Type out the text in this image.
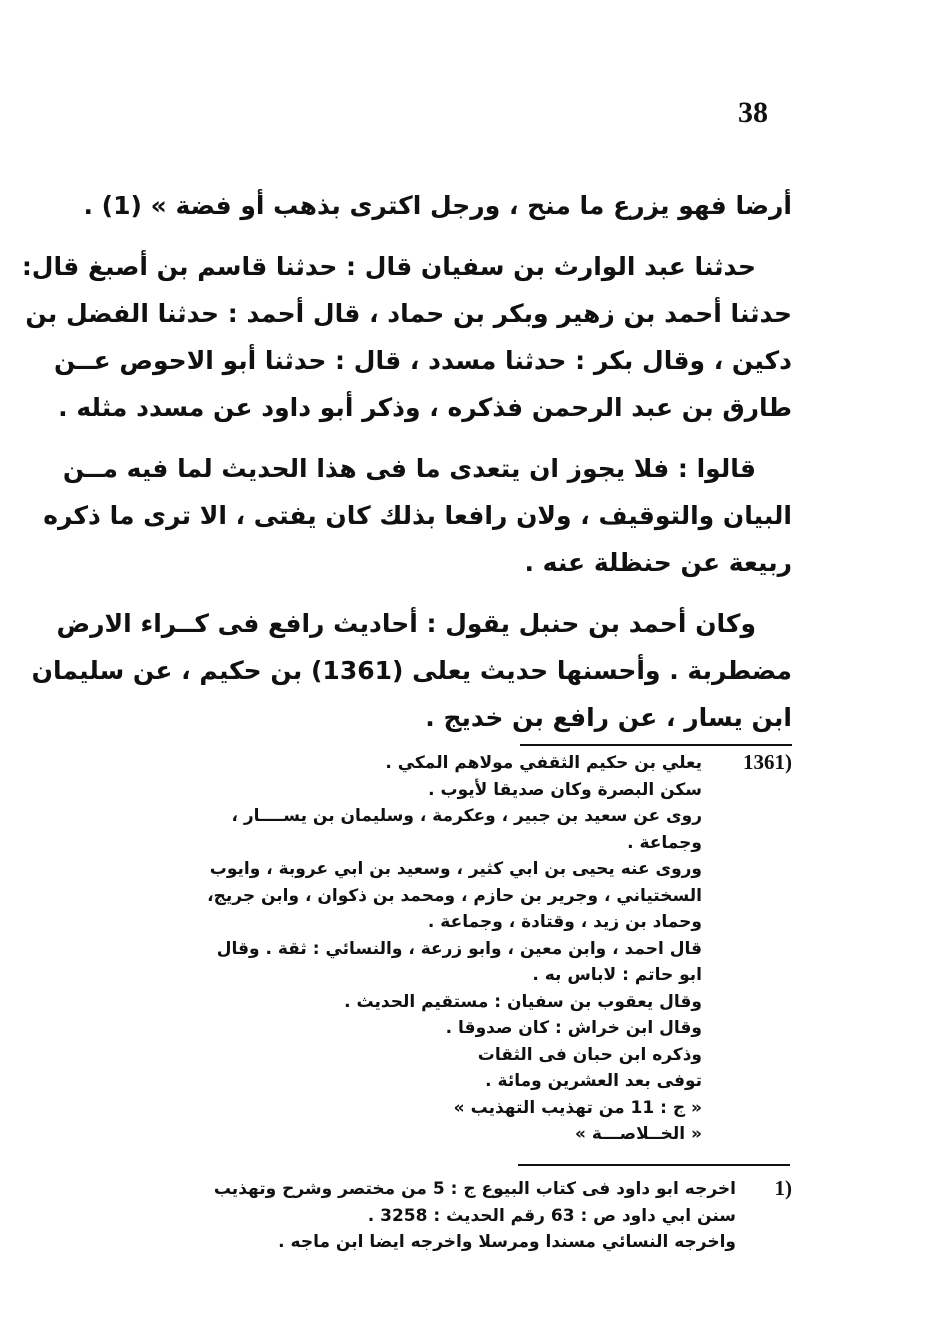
38
أرضا فهو يزرع ما منح ، ورجل اكترى بذهب أو فضة » (1) .
حدثنا عبد الوارث بن سفيان قال : حدثنا قاسم بن أصبغ قال:
حدثنا أحمد بن زهير وبكر بن حماد ، قال أحمد : حدثنا الفضل بن
دكين ، وقال بكر : حدثنا مسدد ، قال : حدثنا أبو الاحوص عــن
طارق بن عبد الرحمن فذكره ، وذكر أبو داود عن مسدد مثله .
قالوا : فلا يجوز ان يتعدى ما فى هذا الحديث لما فيه مــن
البيان والتوقيف ، ولان رافعا بذلك كان يفتى ، الا ترى ما ذكره
ربيعة عن حنظلة عنه .
وكان أحمد بن حنبل يقول : أحاديث رافع فى كــراء الارض
مضطربة . وأحسنها حديث يعلى (1361) بن حكيم ، عن سليمان
ابن يسار ، عن رافع بن خديج .
1361)
يعلي بن حكيم الثقفي مولاهم المكي .
سكن البصرة وكان صديقا لأيوب .
روى عن سعيد بن جبير ، وعكرمة ، وسليمان بن يســــار ،
وجماعة .
وروى عنه يحيى بن ابي كثير ، وسعيد بن ابي عروبة ، وايوب
السختياني ، وجرير بن حازم ، ومحمد بن ذكوان ، وابن جريج،
وحماد بن زيد ، وقتادة ، وجماعة .
قال احمد ، وابن معين ، وابو زرعة ، والنسائي : ثقة . وقال
ابو حاتم : لاباس به .
وقال يعقوب بن سفيان : مستقيم الحديث .
وقال ابن خراش : كان صدوقا .
وذكره ابن حبان فى الثقات
توفى بعد العشرين ومائة .
« ج : 11 من تهذيب التهذيب »
« الخــلاصـــة »
1)
اخرجه ابو داود فى كتاب البيوع ج : 5 من مختصر وشرح وتهذيب
سنن ابي داود ص : 63 رقم الحديث : 3258 .
واخرجه النسائي مسندا ومرسلا واخرجه ايضا ابن ماجه .
